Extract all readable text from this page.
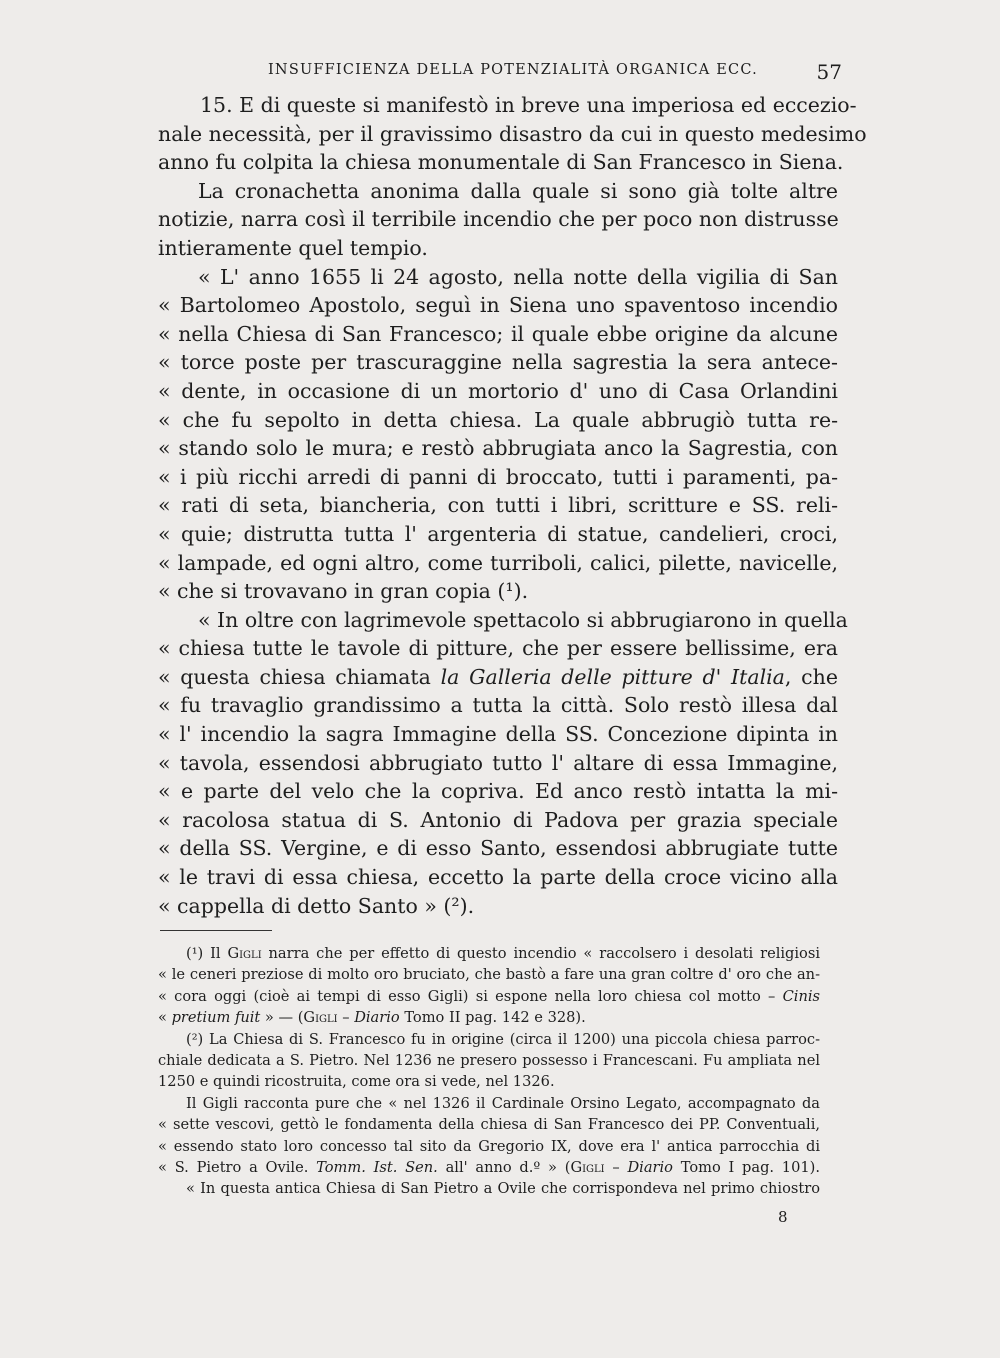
INSUFFICIENZA DELLA POTENZIALITÀ ORGANICA ECC.	57
15. E di queste si manifestò in breve una imperiosa ed eccezio-
nale necessità, per il gravissimo disastro da cui in questo medesimo
anno fu colpita la chiesa monumentale di San Francesco in Siena.
La cronachetta anonima dalla quale si sono già tolte altre
notizie, narra così il terribile incendio che per poco non distrusse
intieramente quel tempio.
« L' anno 1655 li 24 agosto, nella notte della vigilia di San
« Bartolomeo Apostolo, seguì in Siena uno spaventoso incendio
« nella Chiesa di San Francesco; il quale ebbe origine da alcune
« torce poste per trascuraggine nella sagrestia la sera antece-
« dente, in occasione di un mortorio d' uno di Casa Orlandini
« che fu sepolto in detta chiesa. La quale abbrugiò tutta re-
« stando solo le mura; e restò abbrugiata anco la Sagrestia, con
« i più ricchi arredi di panni di broccato, tutti i paramenti, pa-
« rati di seta, biancheria, con tutti i libri, scritture e SS. reli-
« quie; distrutta tutta l' argenteria di statue, candelieri, croci,
« lampade, ed ogni altro, come turriboli, calici, pilette, navicelle,
« che si trovavano in gran copia (¹).
« In oltre con lagrimevole spettacolo si abbrugiarono in quella
« chiesa tutte le tavole di pitture, che per essere bellissime, era
« questa chiesa chiamata la Galleria delle pitture d' Italia, che
« fu travaglio grandissimo a tutta la città. Solo restò illesa dal
« l' incendio la sagra Immagine della SS. Concezione dipinta in
« tavola, essendosi abbrugiato tutto l' altare di essa Immagine,
« e parte del velo che la copriva. Ed anco restò intatta la mi-
« racolosa statua di S. Antonio di Padova per grazia speciale
« della SS. Vergine, e di esso Santo, essendosi abbrugiate tutte
« le travi di essa chiesa, eccetto la parte della croce vicino alla
« cappella di detto Santo » (²).
(¹) Il Gigli narra che per effetto di questo incendio « raccolsero i desolati religiosi
« le ceneri preziose di molto oro bruciato, che bastò a fare una gran coltre d' oro che an-
« cora oggi (cioè ai tempi di esso Gigli) si espone nella loro chiesa col motto – Cinis
« pretium fuit » — (Gigli – Diario Tomo II pag. 142 e 328).
(²) La Chiesa di S. Francesco fu in origine (circa il 1200) una piccola chiesa parroc-
chiale dedicata a S. Pietro. Nel 1236 ne presero possesso i Francescani. Fu ampliata nel
1250 e quindi ricostruita, come ora si vede, nel 1326.
Il Gigli racconta pure che « nel 1326 il Cardinale Orsino Legato, accompagnato da
« sette vescovi, gettò le fondamenta della chiesa di San Francesco dei PP. Conventuali,
« essendo stato loro concesso tal sito da Gregorio IX, dove era l' antica parrocchia di
« S. Pietro a Ovile. Tomm. Ist. Sen. all' anno d.º » (Gigli – Diario Tomo I pag. 101).
« In questa antica Chiesa di San Pietro a Ovile che corrispondeva nel primo chiostro
8
